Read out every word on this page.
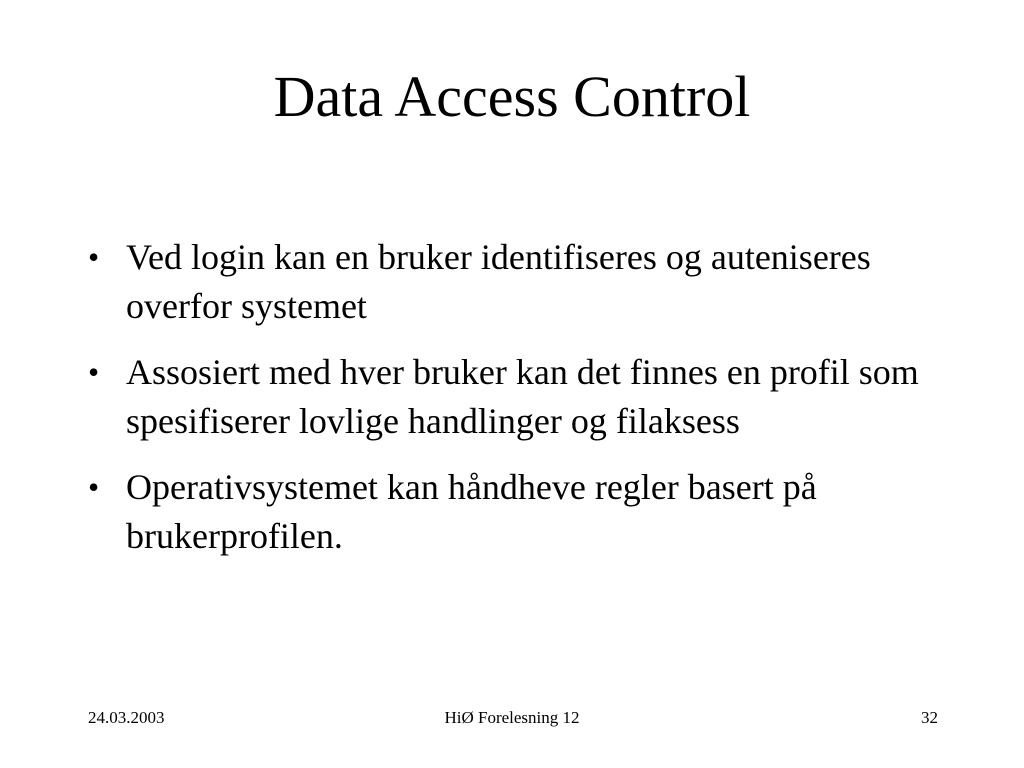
Data Access Control
• Ved login kan en bruker identifiseres og auteniseres overfor systemet
• Assosiert med hver bruker kan det finnes en profil som spesifiserer lovlige handlinger og filaksess
• Operativsystemet kan håndheve regler basert på brukerprofilen.
24.03.2003	HiØ Forelesning 12	32
